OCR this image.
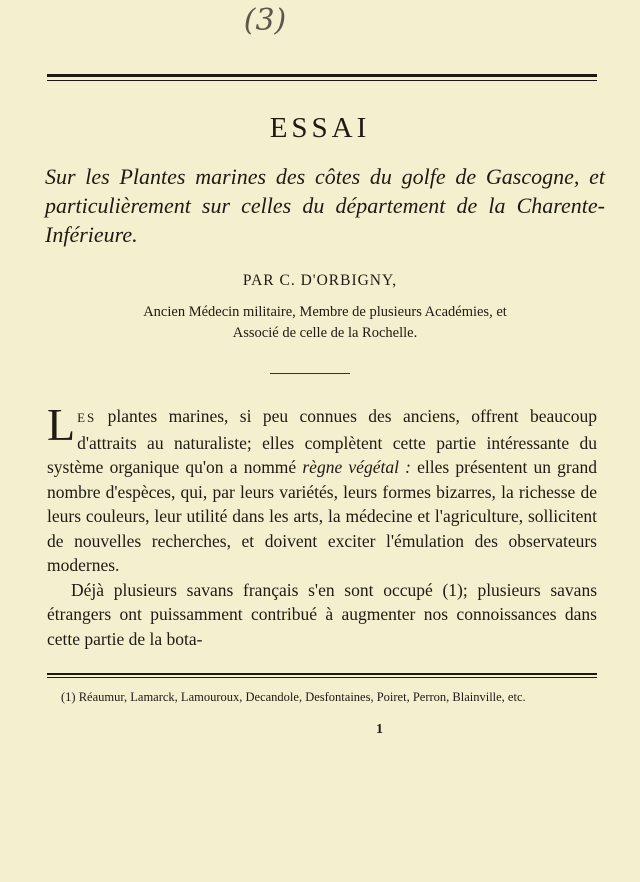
(3)
ESSAI
Sur les Plantes marines des côtes du golfe de Gascogne, et particulièrement sur celles du département de la Charente-Inférieure.
PAR C. D'ORBIGNY,
Ancien Médecin militaire, Membre de plusieurs Académies, et
Associé de celle de la Rochelle.

LES plantes marines, si peu connues des anciens, offrent beaucoup d'attraits au naturaliste; elles complètent cette partie intéressante du système organique qu'on a nommé règne végétal : elles présentent un grand nombre d'espèces, qui, par leurs variétés, leurs formes bizarres, la richesse de leurs couleurs, leur utilité dans les arts, la médecine et l'agriculture, sollicitent de nouvelles recherches, et doivent exciter l'émulation des observateurs modernes.

Déjà plusieurs savans français s'en sont occupé (1); plusieurs savans étrangers ont puissamment contribué à augmenter nos connoissances dans cette partie de la bota-

(1) Réaumur, Lamarck, Lamouroux, Decandole, Desfontaines, Poiret, Perron, Blainville, etc.
1
